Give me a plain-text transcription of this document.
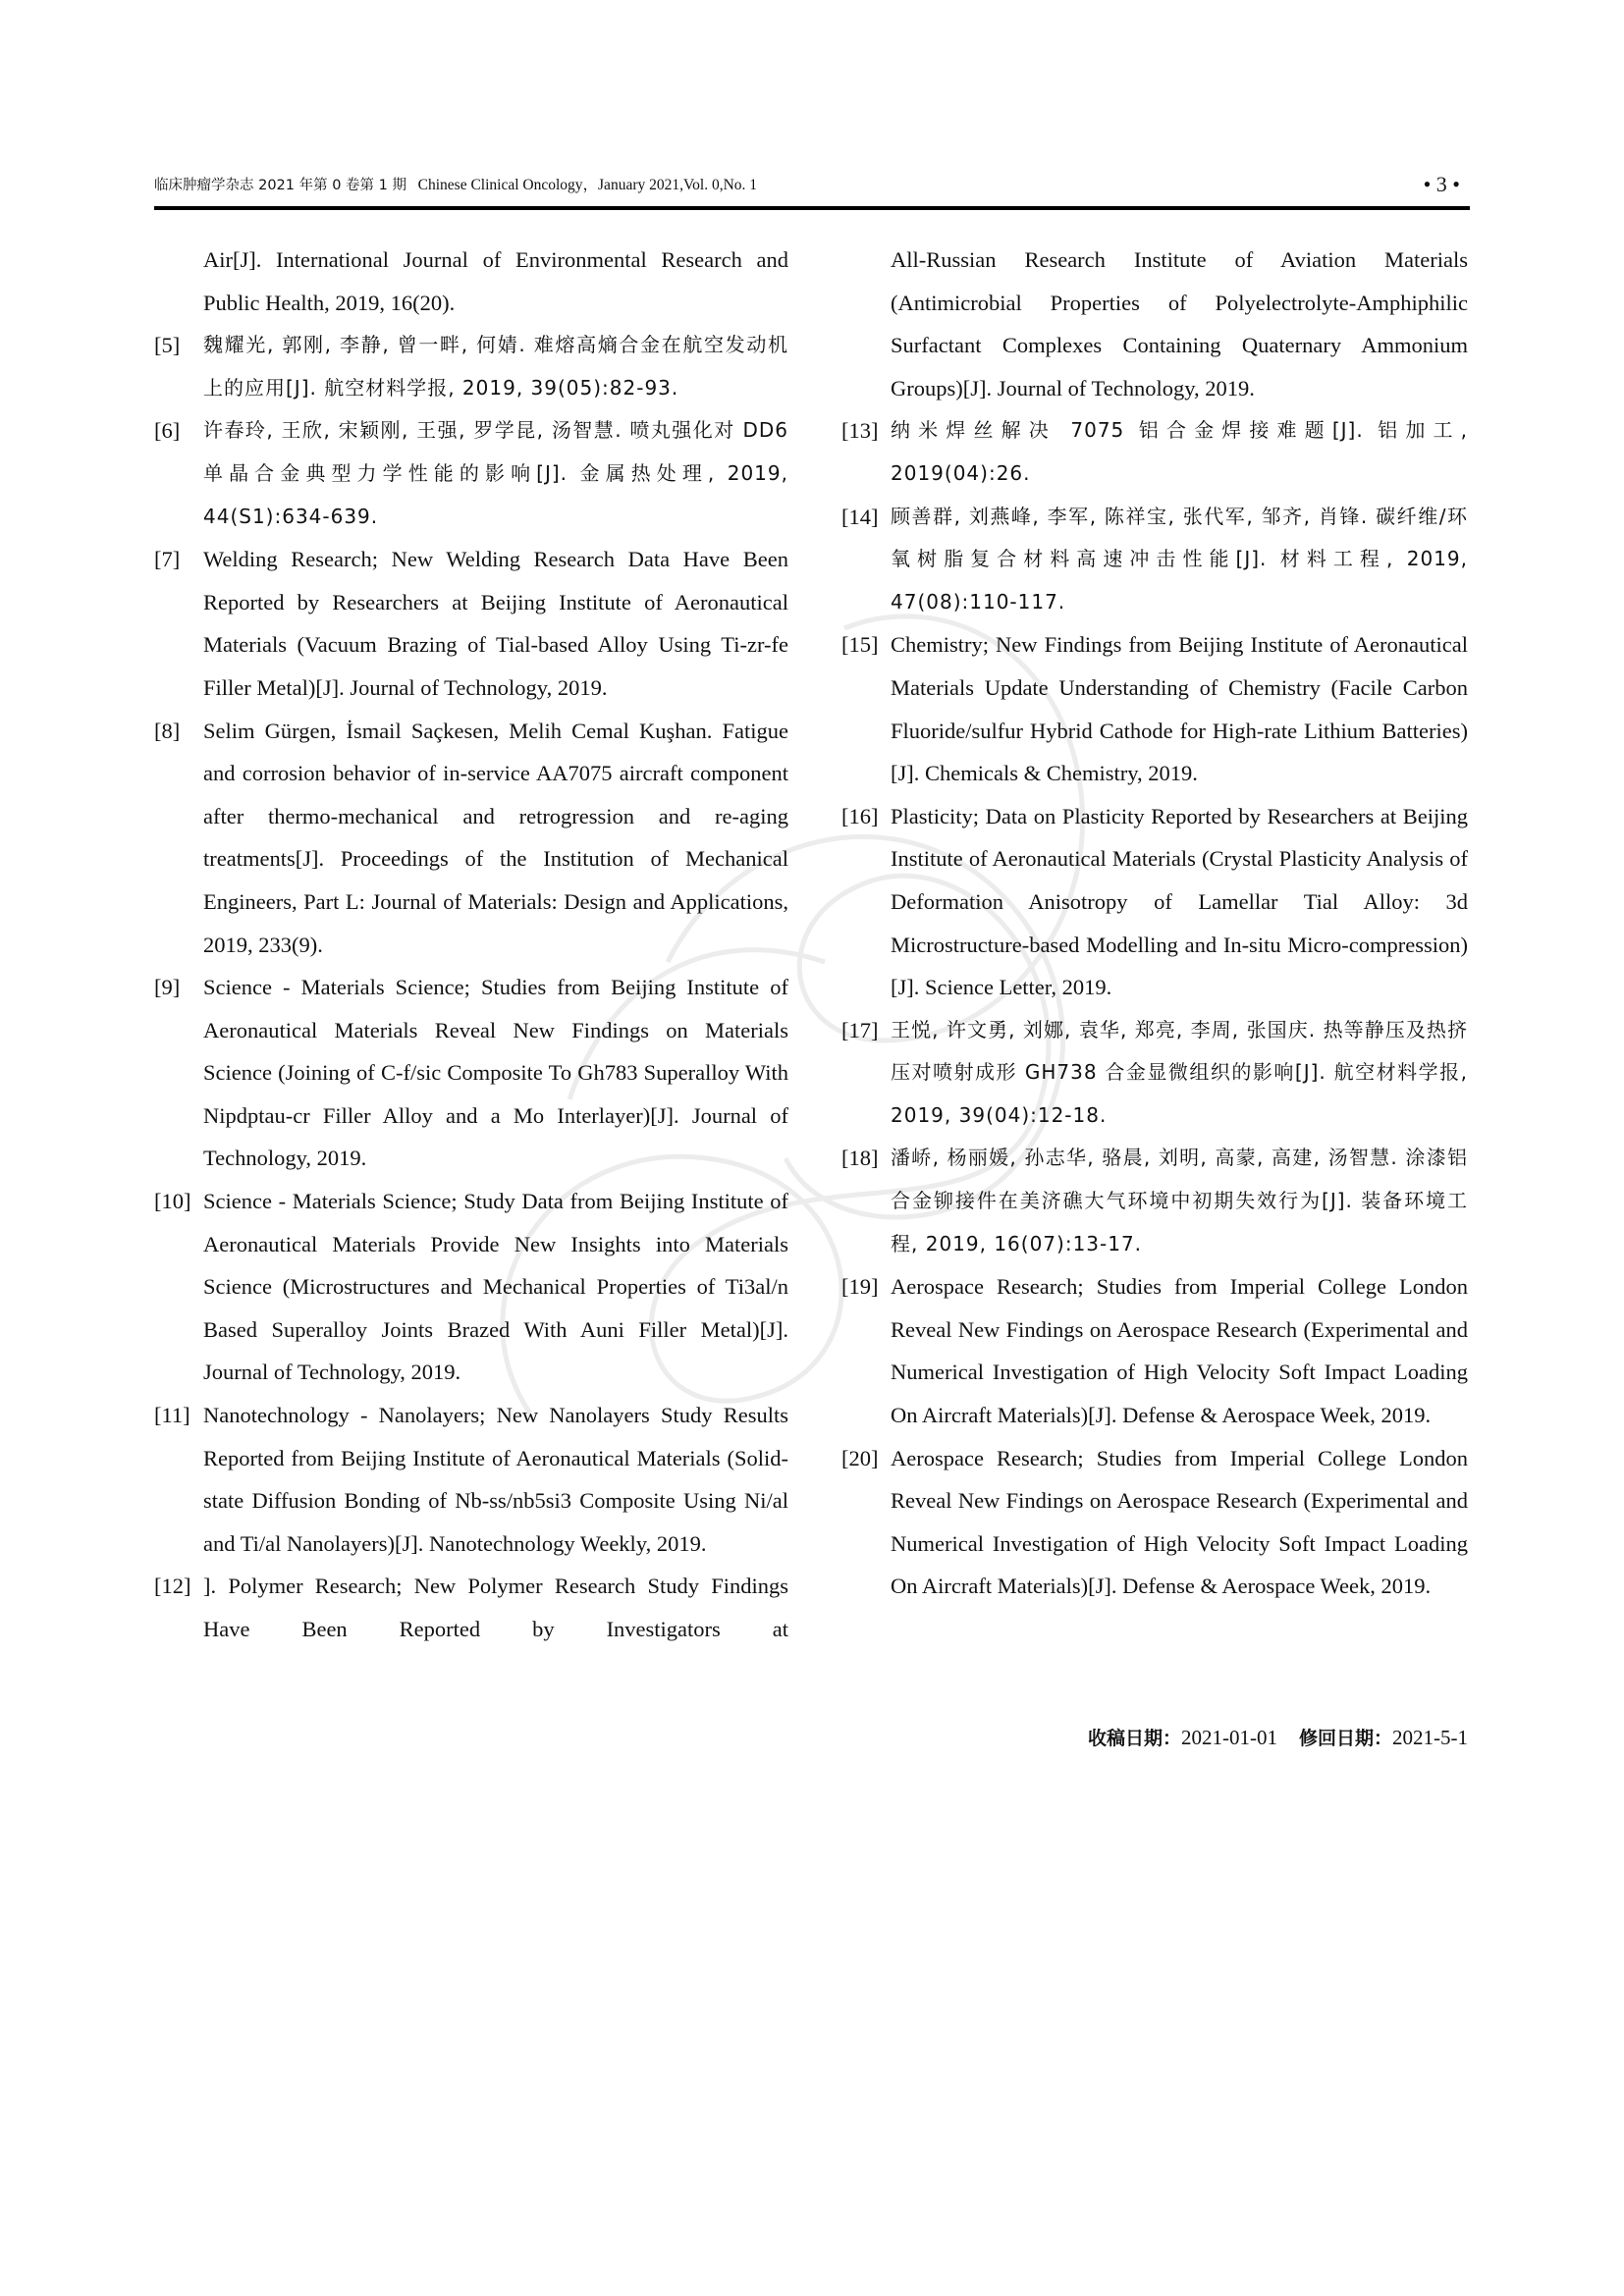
临床肿瘤学杂志 2021 年第 0 卷第 1 期 Chinese Clinical Oncology，January 2021,Vol. 0,No. 1	• 3 •
Air[J]. International Journal of Environmental Research and Public Health, 2019, 16(20).
[5] 魏耀光, 郭刚, 李静, 曾一畔, 何婧. 难熔高熵合金在航空发动机上的应用[J]. 航空材料学报, 2019, 39(05):82-93.
[6] 许春玲, 王欣, 宋颖刚, 王强, 罗学昆, 汤智慧. 喷丸强化对 DD6 单晶合金典型力学性能的影响[J]. 金属热处理, 2019, 44(S1):634-639.
[7] Welding Research; New Welding Research Data Have Been Reported by Researchers at Beijing Institute of Aeronautical Materials (Vacuum Brazing of Tial-based Alloy Using Ti-zr-fe Filler Metal)[J]. Journal of Technology, 2019.
[8] Selim Gürgen, İsmail Saçkesen, Melih Cemal Kuşhan. Fatigue and corrosion behavior of in-service AA7075 aircraft component after thermo-mechanical and retrogression and re-aging treatments[J]. Proceedings of the Institution of Mechanical Engineers, Part L: Journal of Materials: Design and Applications, 2019, 233(9).
[9] Science - Materials Science; Studies from Beijing Institute of Aeronautical Materials Reveal New Findings on Materials Science (Joining of C-f/sic Composite To Gh783 Superalloy With Nipdptau-cr Filler Alloy and a Mo Interlayer)[J]. Journal of Technology, 2019.
[10] Science - Materials Science; Study Data from Beijing Institute of Aeronautical Materials Provide New Insights into Materials Science (Microstructures and Mechanical Properties of Ti3al/n Based Superalloy Joints Brazed With Auni Filler Metal)[J]. Journal of Technology, 2019.
[11] Nanotechnology - Nanolayers; New Nanolayers Study Results Reported from Beijing Institute of Aeronautical Materials (Solid-state Diffusion Bonding of Nb-ss/nb5si3 Composite Using Ni/al and Ti/al Nanolayers)[J]. Nanotechnology Weekly, 2019.
[12] ]. Polymer Research; New Polymer Research Study Findings Have Been Reported by Investigators at
All-Russian Research Institute of Aviation Materials (Antimicrobial Properties of Polyelectrolyte-Amphiphilic Surfactant Complexes Containing Quaternary Ammonium Groups)[J]. Journal of Technology, 2019.
[13] 纳米焊丝解决 7075 铝合金焊接难题[J]. 铝加工, 2019(04):26.
[14] 顾善群, 刘燕峰, 李军, 陈祥宝, 张代军, 邹齐, 肖锋. 碳纤维/环氧树脂复合材料高速冲击性能[J]. 材料工程, 2019, 47(08):110-117.
[15] Chemistry; New Findings from Beijing Institute of Aeronautical Materials Update Understanding of Chemistry (Facile Carbon Fluoride/sulfur Hybrid Cathode for High-rate Lithium Batteries)[J]. Chemicals & Chemistry, 2019.
[16] Plasticity; Data on Plasticity Reported by Researchers at Beijing Institute of Aeronautical Materials (Crystal Plasticity Analysis of Deformation Anisotropy of Lamellar Tial Alloy: 3d Microstructure-based Modelling and In-situ Micro-compression)[J]. Science Letter, 2019.
[17] 王悦, 许文勇, 刘娜, 袁华, 郑亮, 李周, 张国庆. 热等静压及热挤压对喷射成形 GH738 合金显微组织的影响[J]. 航空材料学报, 2019, 39(04):12-18.
[18] 潘峤, 杨丽媛, 孙志华, 骆晨, 刘明, 高蒙, 高建, 汤智慧. 涂漆铝合金铆接件在美济礁大气环境中初期失效行为[J]. 装备环境工程, 2019, 16(07):13-17.
[19] Aerospace Research; Studies from Imperial College London Reveal New Findings on Aerospace Research (Experimental and Numerical Investigation of High Velocity Soft Impact Loading On Aircraft Materials)[J]. Defense & Aerospace Week, 2019.
[20] Aerospace Research; Studies from Imperial College London Reveal New Findings on Aerospace Research (Experimental and Numerical Investigation of High Velocity Soft Impact Loading On Aircraft Materials)[J]. Defense & Aerospace Week, 2019.
收稿日期：2021-01-01 修回日期：2021-5-1
